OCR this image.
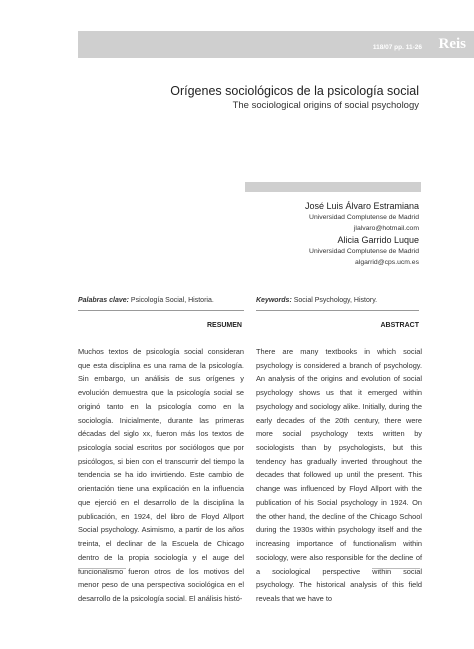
118/07 pp. 11-26 Reis
Orígenes sociológicos de la psicología social
The sociological origins of social psychology
José Luis Álvaro Estramiana
Universidad Complutense de Madrid
jlalvaro@hotmail.com
Alicia Garrido Luque
Universidad Complutense de Madrid
algarrid@cps.ucm.es
Palabras clave: Psicología Social, Historia.	Keywords: Social Psychology, History.
RESUMEN	ABSTRACT
Muchos textos de psicología social consideran que esta disciplina es una rama de la psicología. Sin embargo, un análisis de sus orígenes y evolución demuestra que la psicología social se originó tanto en la psicología como en la sociología. Inicialmente, durante las primeras décadas del siglo xx, fueron más los textos de psicología social escritos por sociólogos que por psicólogos, si bien con el transcurrir del tiempo la tendencia se ha ido invirtiendo. Este cambio de orientación tiene una explicación en la influencia que ejerció en el desarrollo de la disciplina la publicación, en 1924, del libro de Floyd Allport Social psychology. Asimismo, a partir de los años treinta, el declinar de la Escuela de Chicago dentro de la propia sociología y el auge del funcionalismo fueron otros de los motivos del menor peso de una perspectiva sociológica en el desarrollo de la psicología social. El análisis histó-
There are many textbooks in which social psychology is considered a branch of psychology. An analysis of the origins and evolution of social psychology shows us that it emerged within psychology and sociology alike. Initially, during the early decades of the 20th century, there were more social psychology texts written by sociologists than by psychologists, but this tendency has gradually inverted throughout the decades that followed up until the present. This change was influenced by Floyd Allport with the publication of his Social psychology in 1924. On the other hand, the decline of the Chicago School during the 1930s within psychology itself and the increasing importance of functionalism within sociology, were also responsible for the decline of a sociological perspective within social psychology. The historical analysis of this field reveals that we have to
